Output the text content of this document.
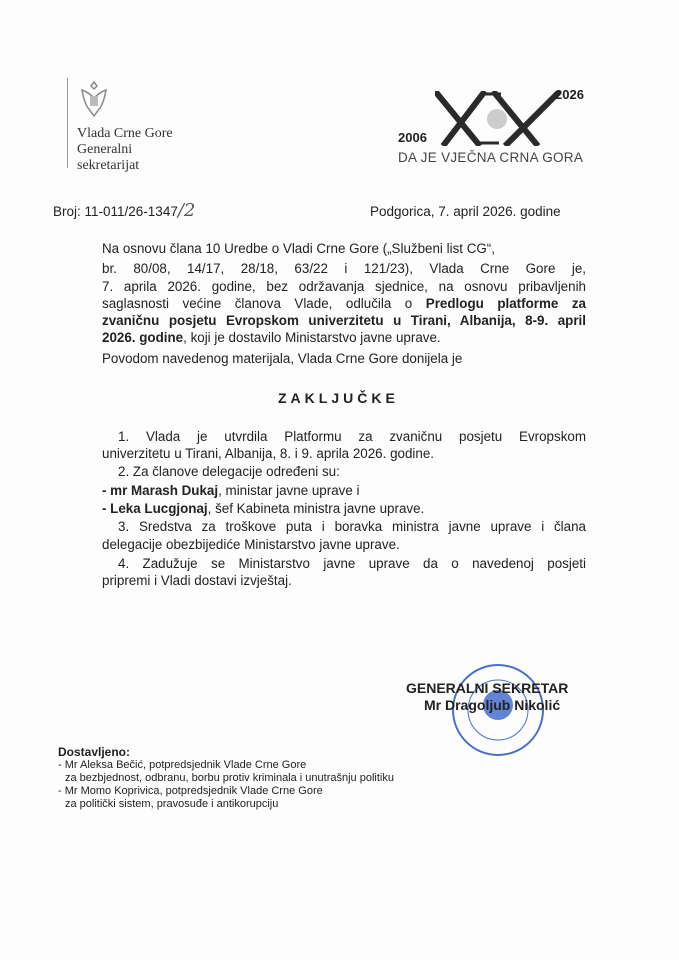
Vlada Crne Gore
Generalni
sekretarijat
2026
2006
DA JE VJEČNA CRNA GORA
Broj: 11-011/26-1347/2	Podgorica, 7. april 2026. godine
Na osnovu člana 10 Uredbe o Vladi Crne Gore („Službeni list CG“,
br. 80/08, 14/17, 28/18, 63/22 i 121/23), Vlada Crne Gore je,
7. aprila 2026. godine, bez održavanja sjednice, na osnovu pribavljenih
saglasnosti većine članova Vlade, odlučila o Predlogu platforme za
zvaničnu posjetu Evropskom univerzitetu u Tirani, Albanija, 8-9. april
2026. godine, koji je dostavilo Ministarstvo javne uprave.
Povodom navedenog materijala, Vlada Crne Gore donijela je
ZAKLJUČKE
1. Vlada je utvrdila Platformu za zvaničnu posjetu Evropskom
univerzitetu u Tirani, Albanija, 8. i 9. aprila 2026. godine.
2. Za članove delegacije određeni su:
- mr Marash Dukaj, ministar javne uprave i
- Leka Lucgjonaj, šef Kabineta ministra javne uprave.
3. Sredstva za troškove puta i boravka ministra javne uprave i člana
delegacije obezbijediće Ministarstvo javne uprave.
4. Zadužuje se Ministarstvo javne uprave da o navedenoj posjeti
pripremi i Vladi dostavi izvještaj.
GENERALNI SEKRETAR
Mr Dragoljub Nikolić
Dostavljeno:
- Mr Aleksa Bečić, potpredsjednik Vlade Crne Gore
za bezbjednost, odbranu, borbu protiv kriminala i unutrašnju politiku
- Mr Momo Koprivica, potpredsjednik Vlade Crne Gore
za politički sistem, pravosuđe i antikorupciju
